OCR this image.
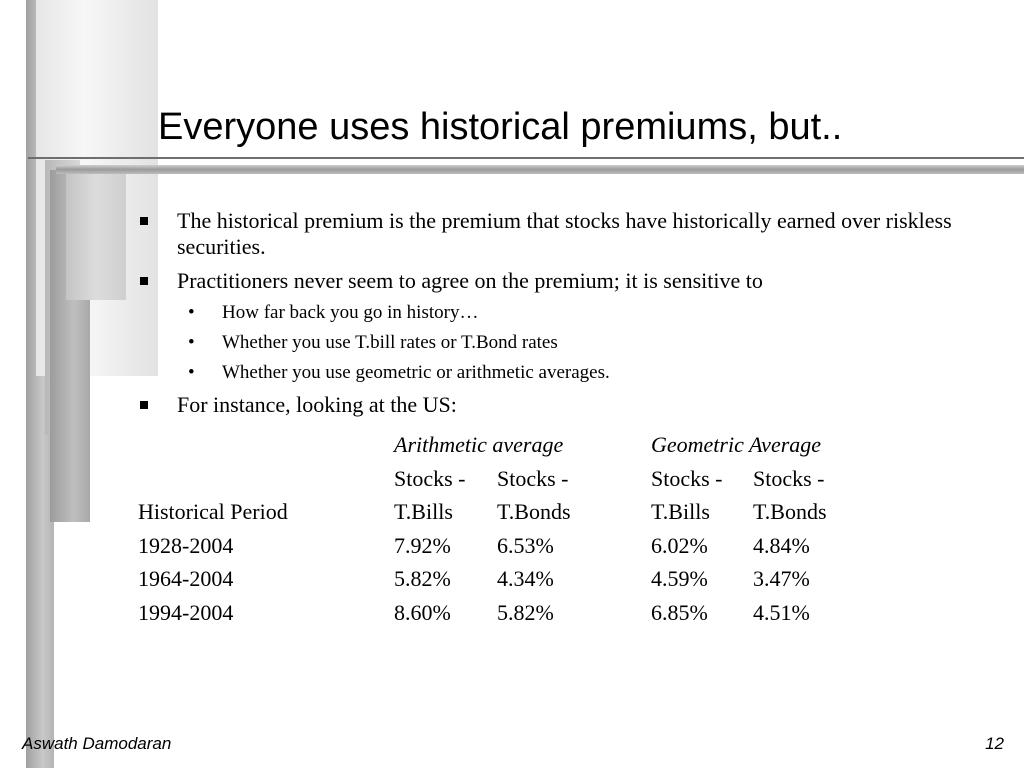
Everyone uses historical premiums, but..
The historical premium is the premium that stocks have historically earned over riskless securities.
Practitioners never seem to agree on the premium; it is sensitive to
• How far back you go in history…
• Whether you use T.bill rates or T.Bond rates
• Whether you use geometric or arithmetic averages.
For instance, looking at the US:
	Arithmetic average		Geometric Average	
	Stocks -	Stocks -	Stocks -	Stocks -
Historical Period	T.Bills	T.Bonds	T.Bills	T.Bonds
1928-2004	7.92%	6.53%	6.02%	4.84%
1964-2004	5.82%	4.34%	4.59%	3.47%
1994-2004	8.60%	5.82%	6.85%	4.51%
Aswath Damodaran	12
